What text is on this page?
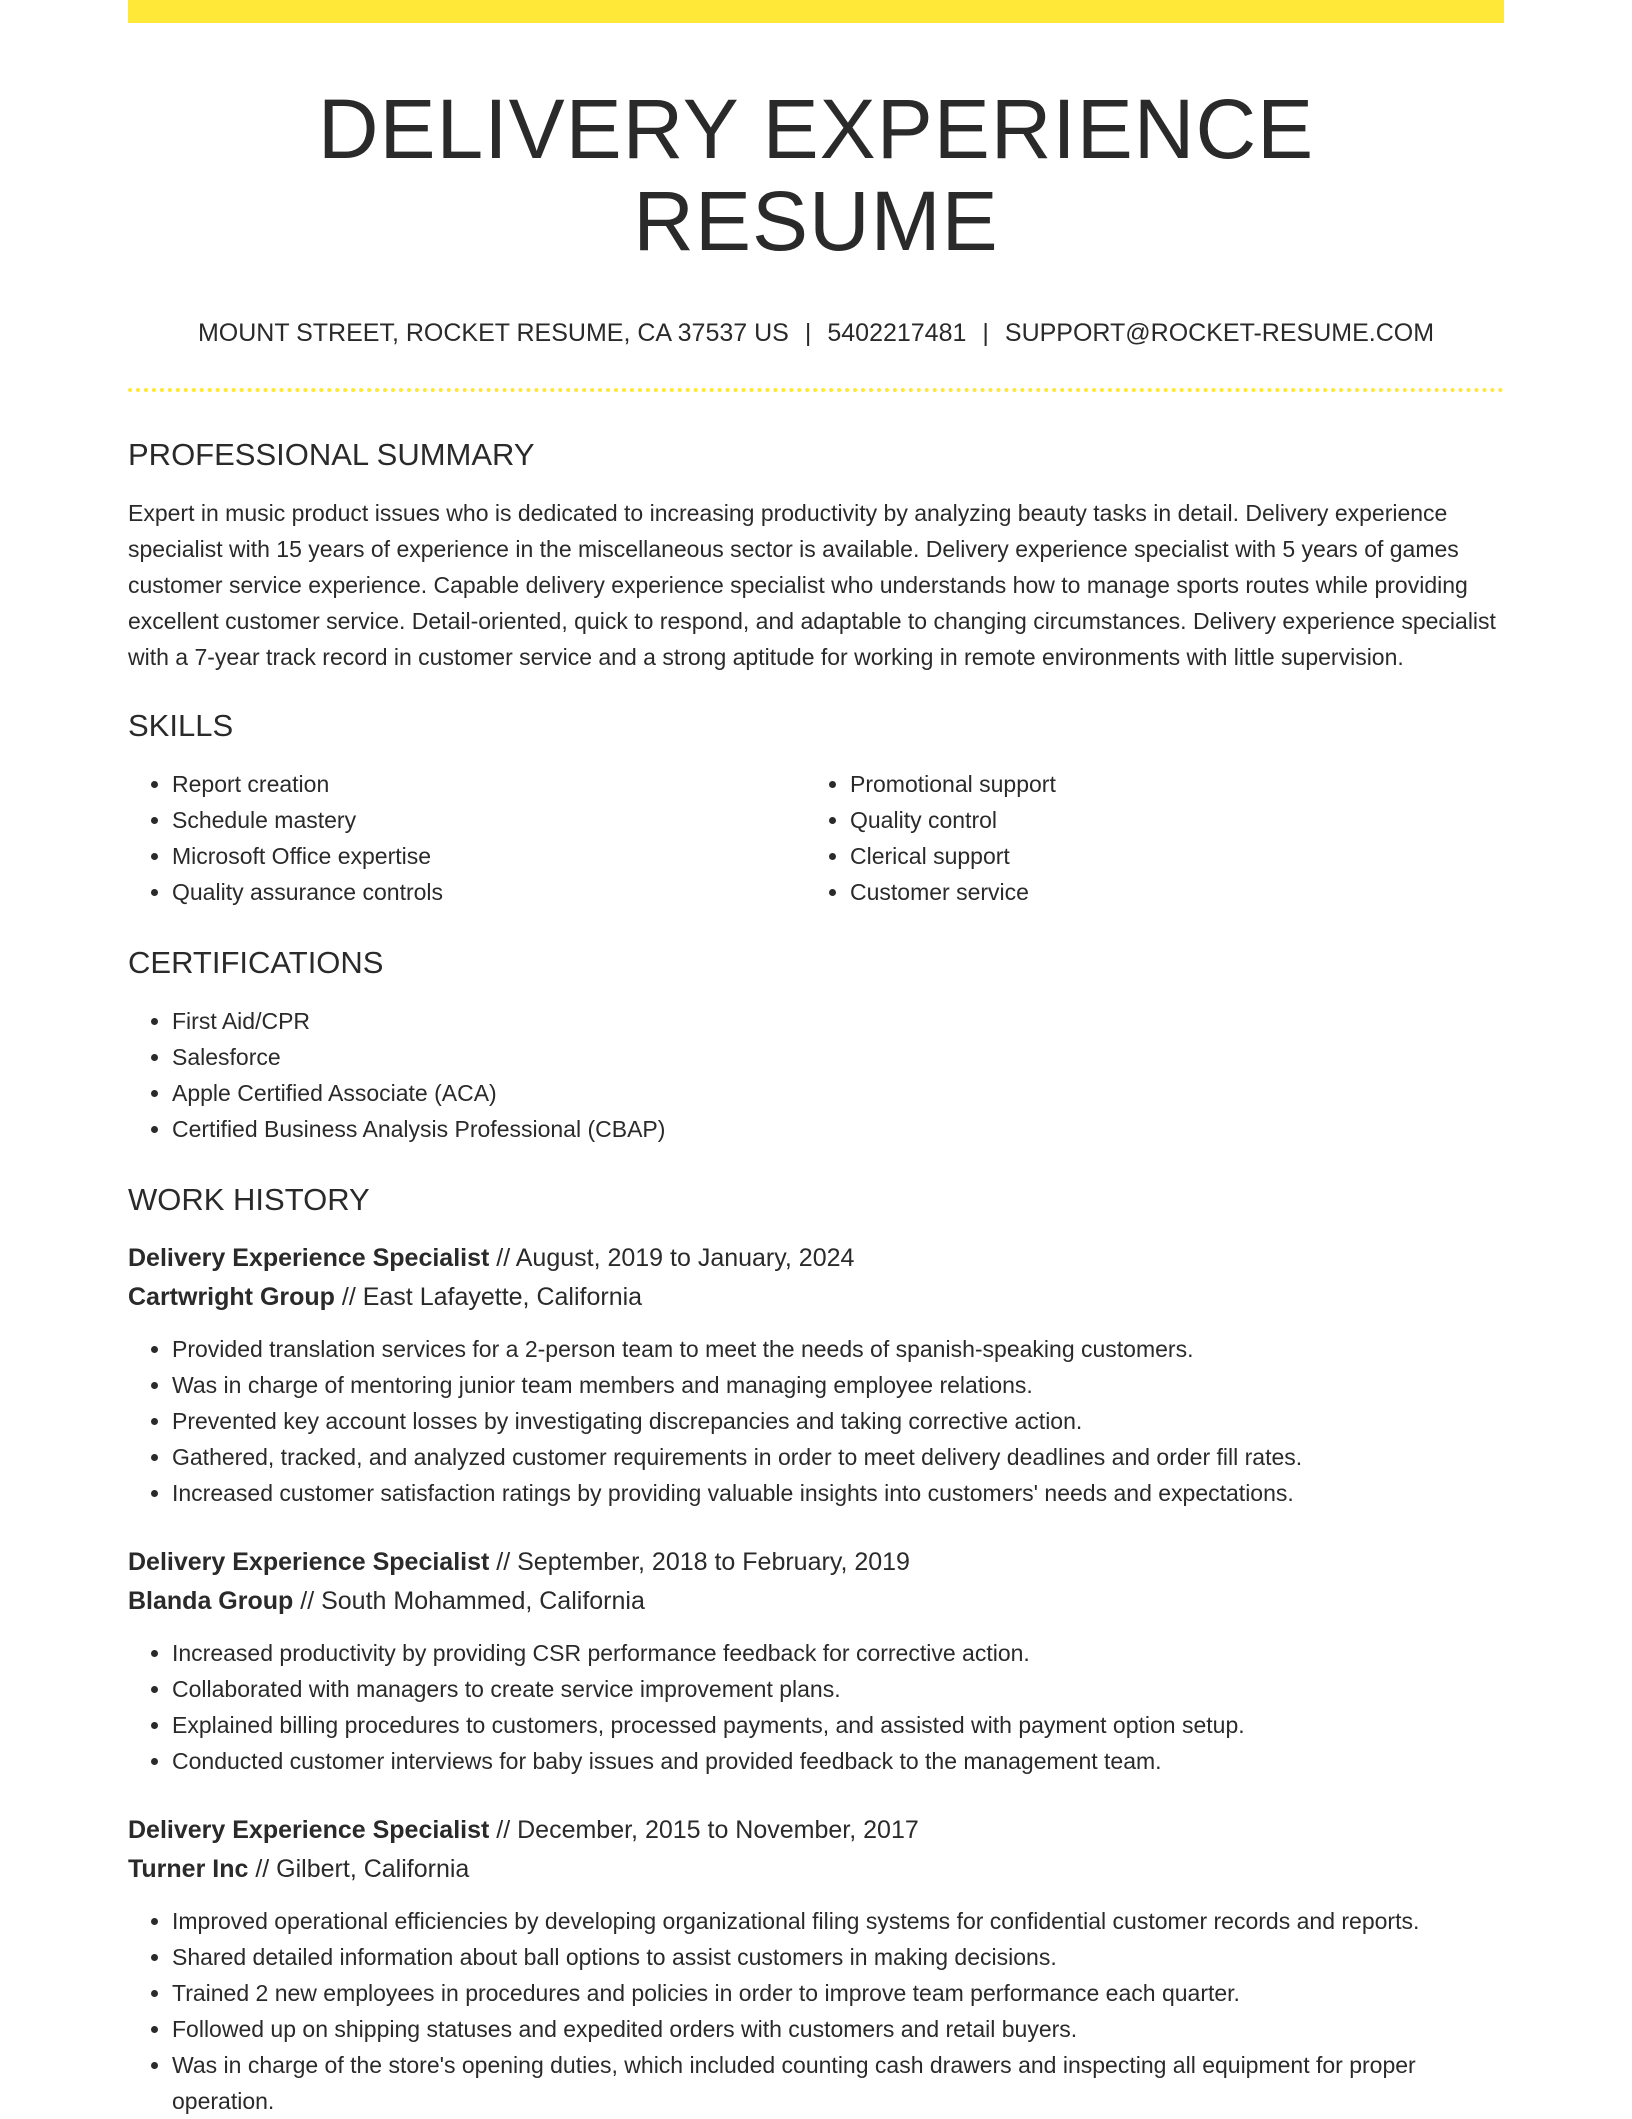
DELIVERY EXPERIENCE RESUME
MOUNT STREET, ROCKET RESUME, CA 37537 US | 5402217481 | SUPPORT@ROCKET-RESUME.COM
PROFESSIONAL SUMMARY

Expert in music product issues who is dedicated to increasing productivity by analyzing beauty tasks in detail. Delivery experience specialist with 15 years of experience in the miscellaneous sector is available. Delivery experience specialist with 5 years of games customer service experience. Capable delivery experience specialist who understands how to manage sports routes while providing excellent customer service. Detail-oriented, quick to respond, and adaptable to changing circumstances. Delivery experience specialist with a 7-year track record in customer service and a strong aptitude for working in remote environments with little supervision.

SKILLS
• Report creation
• Schedule mastery
• Microsoft Office expertise
• Quality assurance controls
• Promotional support
• Quality control
• Clerical support
• Customer service
CERTIFICATIONS
• First Aid/CPR
• Salesforce
• Apple Certified Associate (ACA)
• Certified Business Analysis Professional (CBAP)
WORK HISTORY
Delivery Experience Specialist // August, 2019 to January, 2024
Cartwright Group // East Lafayette, California
• Provided translation services for a 2-person team to meet the needs of spanish-speaking customers.
• Was in charge of mentoring junior team members and managing employee relations.
• Prevented key account losses by investigating discrepancies and taking corrective action.
• Gathered, tracked, and analyzed customer requirements in order to meet delivery deadlines and order fill rates.
• Increased customer satisfaction ratings by providing valuable insights into customers' needs and expectations.
Delivery Experience Specialist // September, 2018 to February, 2019
Blanda Group // South Mohammed, California
• Increased productivity by providing CSR performance feedback for corrective action.
• Collaborated with managers to create service improvement plans.
• Explained billing procedures to customers, processed payments, and assisted with payment option setup.
• Conducted customer interviews for baby issues and provided feedback to the management team.
Delivery Experience Specialist // December, 2015 to November, 2017
Turner Inc // Gilbert, California
• Improved operational efficiencies by developing organizational filing systems for confidential customer records and reports.
• Shared detailed information about ball options to assist customers in making decisions.
• Trained 2 new employees in procedures and policies in order to improve team performance each quarter.
• Followed up on shipping statuses and expedited orders with customers and retail buyers.
• Was in charge of the store's opening duties, which included counting cash drawers and inspecting all equipment for proper operation.
